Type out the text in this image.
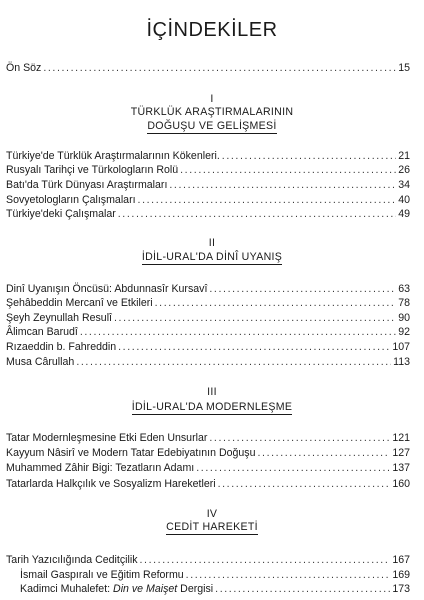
İÇİNDEKİLER
Ön Söz .....	15
I
TÜRKLÜK ARAŞTIRMALARININ
DOĞUŞU VE GELİŞMESİ
Türkiye'de Türklük Araştırmalarının Kökenleri. .....	21
Rusyalı Tarihçi ve Türkologların Rolü .....	26
Batı'da Türk Dünyası Araştırmaları .....	34
Sovyetologların Çalışmaları .....	40
Türkiye'deki Çalışmalar .....	49
II
İDİL-URAL'DA DİNÎ UYANIŞ
Dinî Uyanışın Öncüsü: Abdunnasîr Kursavî .....	63
Şehâbeddin Mercanî ve Etkileri .....	78
Şeyh Zeynullah Resulî .....	90
Âlimcan Barudî .....	92
Rızaeddin b. Fahreddin .....	107
Musa Cârullah .....	113
III
İDİL-URAL'DA MODERNLEŞME
Tatar Modernleşmesine Etki Eden Unsurlar .....	121
Kayyum Nâsirî ve Modern Tatar Edebiyatının Doğuşu .....	127
Muhammed Zâhir Bigi: Tezatların Adamı .....	137
Tatarlarda Halkçılık ve Sosyalizm Hareketleri .....	160
IV
CEDİT HAREKETİ
Tarih Yazıcılığında Ceditçilik .....	167
İsmail Gaspıralı ve Eğitim Reformu .....	169
Kadimci Muhalefet: Din ve Maişet Dergisi .....	173
